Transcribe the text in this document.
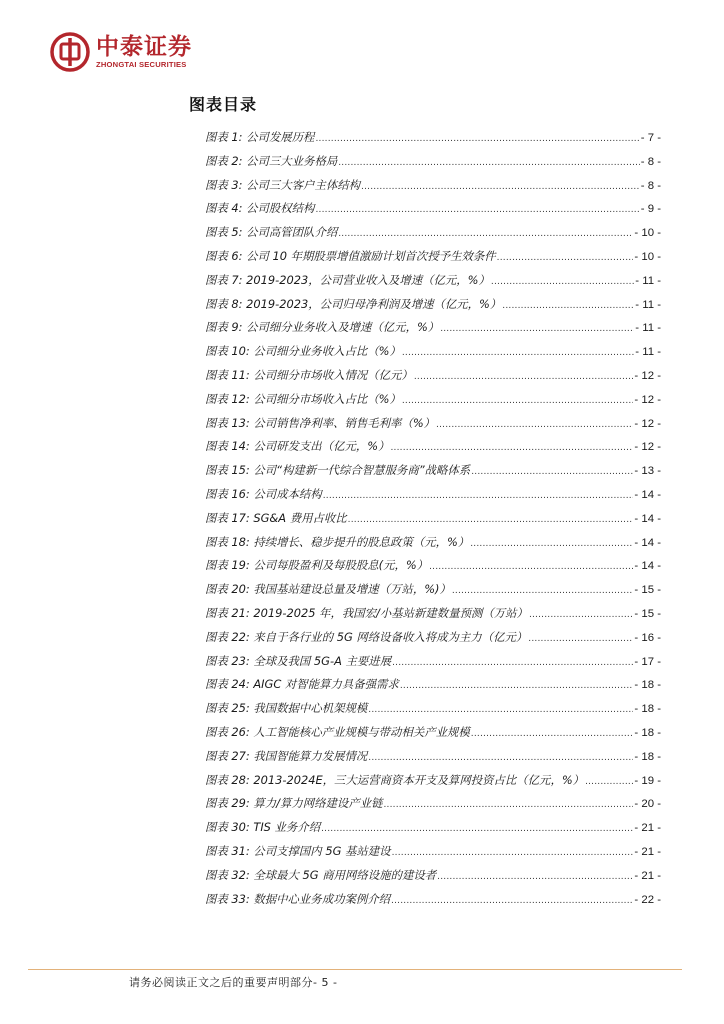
中泰证券
ZHONGTAI SECURITIES
图表目录
图表 1: 公司发展历程 .....	- 7 -
图表 2: 公司三大业务格局 .....	- 8 -
图表 3: 公司三大客户主体结构 .....	- 8 -
图表 4: 公司股权结构 .....	- 9 -
图表 5: 公司高管团队介绍 .....	- 10 -
图表 6: 公司 10 年期股票增值激励计划首次授予生效条件 .....	- 10 -
图表 7: 2019-2023，公司营业收入及增速（亿元，%） .....	- 11 -
图表 8: 2019-2023，公司归母净利润及增速（亿元，%） .....	- 11 -
图表 9: 公司细分业务收入及增速（亿元，%） .....	- 11 -
图表 10: 公司细分业务收入占比（%） .....	- 11 -
图表 11: 公司细分市场收入情况（亿元） .....	- 12 -
图表 12: 公司细分市场收入占比（%） .....	- 12 -
图表 13: 公司销售净利率、销售毛利率（%） .....	- 12 -
图表 14: 公司研发支出（亿元，%） .....	- 12 -
图表 15: 公司“构建新一代综合智慧服务商”战略体系 .....	- 13 -
图表 16: 公司成本结构 .....	- 14 -
图表 17: SG&A 费用占收比 .....	- 14 -
图表 18: 持续增长、稳步提升的股息政策（元，%） .....	- 14 -
图表 19: 公司每股盈利及每股股息(元，%） .....	- 14 -
图表 20: 我国基站建设总量及增速（万站，%)） .....	- 15 -
图表 21: 2019-2025 年，我国宏/小基站新建数量预测（万站） .....	- 15 -
图表 22: 来自于各行业的 5G 网络设备收入将成为主力（亿元） .....	- 16 -
图表 23: 全球及我国 5G-A 主要进展 .....	- 17 -
图表 24: AIGC 对智能算力具备强需求 .....	- 18 -
图表 25: 我国数据中心机架规模 .....	- 18 -
图表 26: 人工智能核心产业规模与带动相关产业规模 .....	- 18 -
图表 27: 我国智能算力发展情况 .....	- 18 -
图表 28: 2013-2024E，三大运营商资本开支及算网投资占比（亿元，%） .....	- 19 -
图表 29: 算力/算力网络建设产业链 .....	- 20 -
图表 30: TIS 业务介绍 .....	- 21 -
图表 31: 公司支撑国内 5G 基站建设 .....	- 21 -
图表 32: 全球最大 5G 商用网络设施的建设者 .....	- 21 -
图表 33: 数据中心业务成功案例介绍 .....	- 22 -
请务必阅读正文之后的重要声明部分- 5 -
